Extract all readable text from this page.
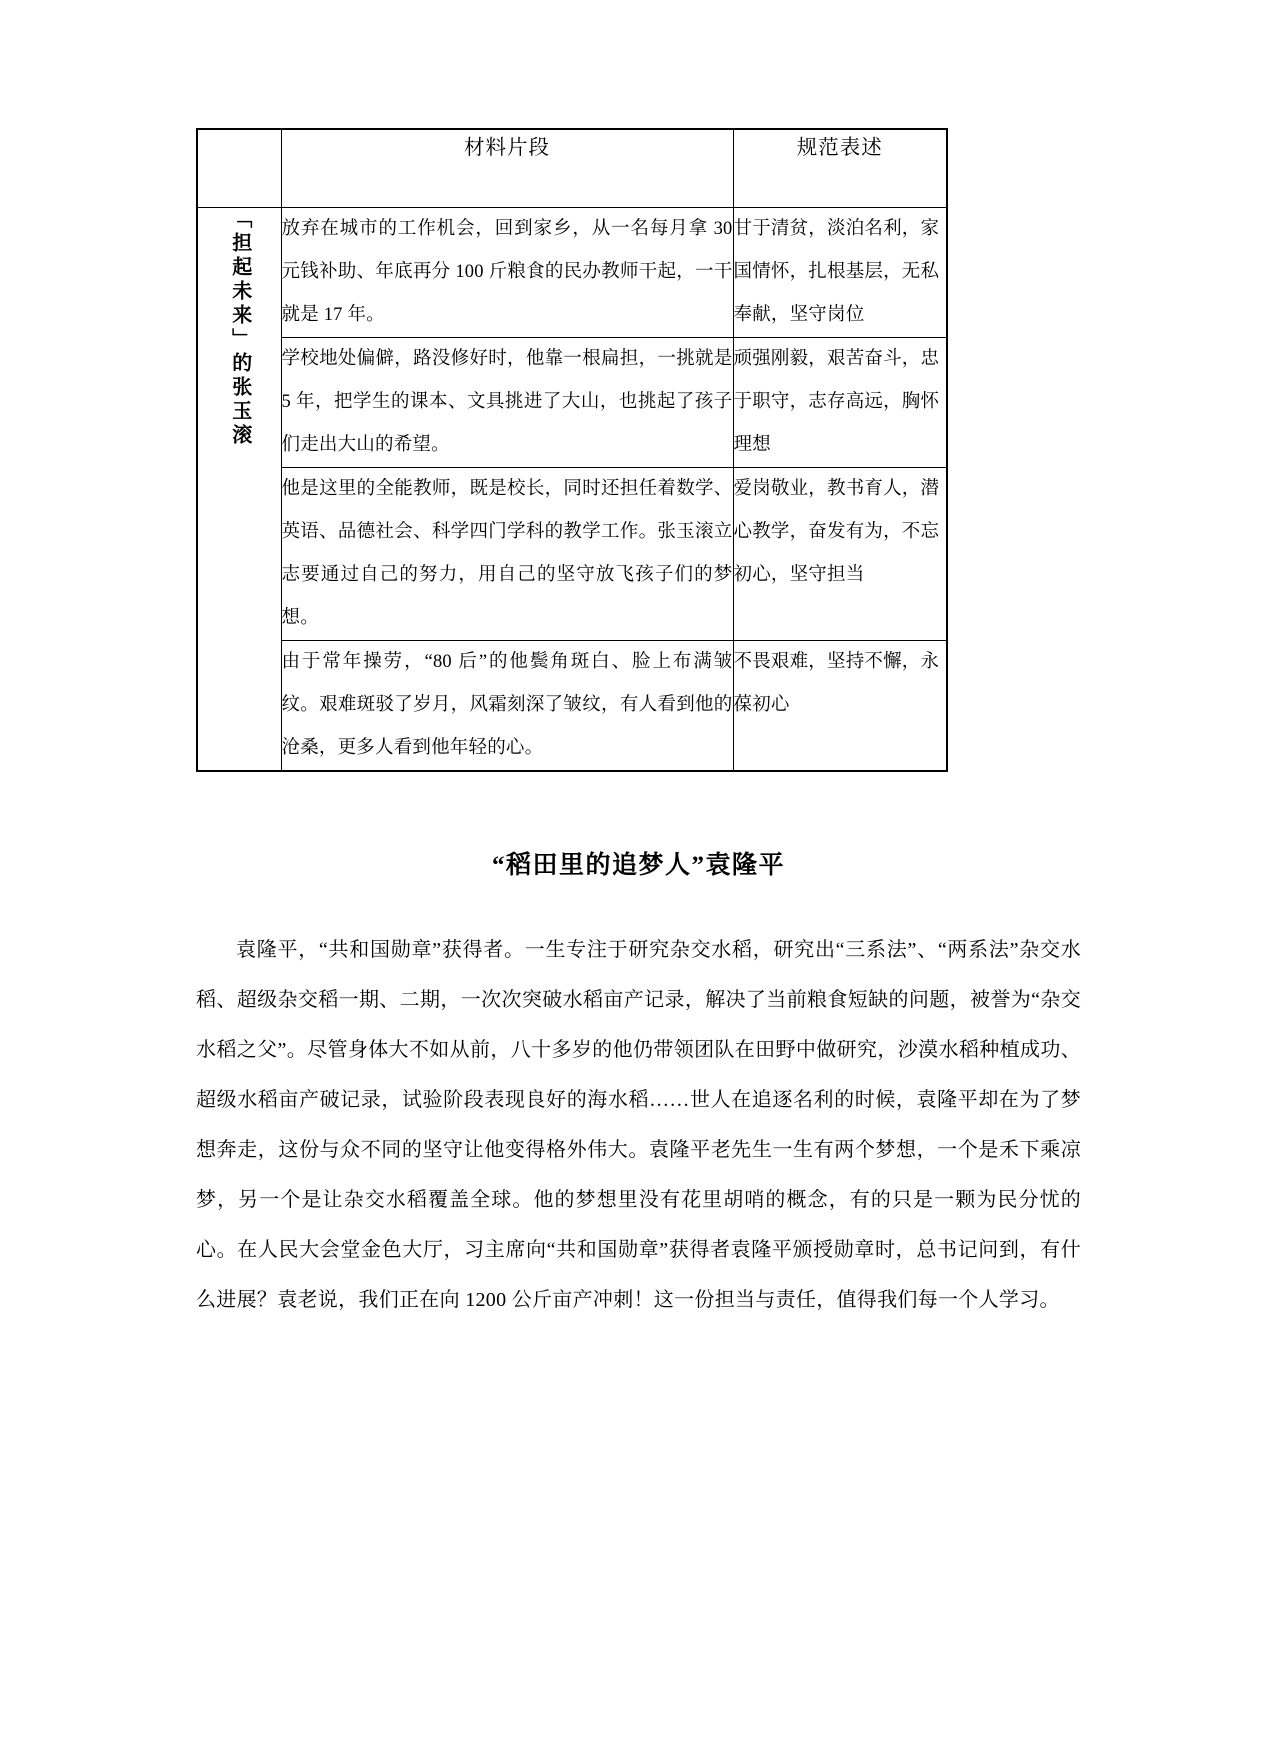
	材料片段	规范表述

「担起未来」的张玉滚	放弃在城市的工作机会，回到家乡，从一名每月拿 30 元钱补助、年底再分 100 斤粮食的民办教师干起，一干就是 17 年。	甘于清贫，淡泊名利，家国情怀，扎根基层，无私奉献，坚守岗位
	学校地处偏僻，路没修好时，他靠一根扁担，一挑就是 5 年，把学生的课本、文具挑进了大山，也挑起了孩子们走出大山的希望。	顽强刚毅，艰苦奋斗，忠于职守，志存高远，胸怀理想
	他是这里的全能教师，既是校长，同时还担任着数学、英语、品德社会、科学四门学科的教学工作。张玉滚立志要通过自己的努力，用自己的坚守放飞孩子们的梦想。	爱岗敬业，教书育人，潜心教学，奋发有为，不忘初心，坚守担当
	由于常年操劳，“80 后”的他鬓角斑白、脸上布满皱纹。艰难斑驳了岁月，风霜刻深了皱纹，有人看到他的沧桑，更多人看到他年轻的心。	不畏艰难，坚持不懈，永葆初心
“稻田里的追梦人”袁隆平

袁隆平，“共和国勋章”获得者。一生专注于研究杂交水稻，研究出“三系法”、“两系法”杂交水稻、超级杂交稻一期、二期，一次次突破水稻亩产记录，解决了当前粮食短缺的问题，被誉为“杂交水稻之父”。尽管身体大不如从前，八十多岁的他仍带领团队在田野中做研究，沙漠水稻种植成功、超级水稻亩产破记录，试验阶段表现良好的海水稻……世人在追逐名利的时候，袁隆平却在为了梦想奔走，这份与众不同的坚守让他变得格外伟大。袁隆平老先生一生有两个梦想，一个是禾下乘凉梦，另一个是让杂交水稻覆盖全球。他的梦想里没有花里胡哨的概念，有的只是一颗为民分忧的心。在人民大会堂金色大厅，习主席向“共和国勋章”获得者袁隆平颁授勋章时，总书记问到，有什么进展？袁老说，我们正在向 1200 公斤亩产冲刺！这一份担当与责任，值得我们每一个人学习。
